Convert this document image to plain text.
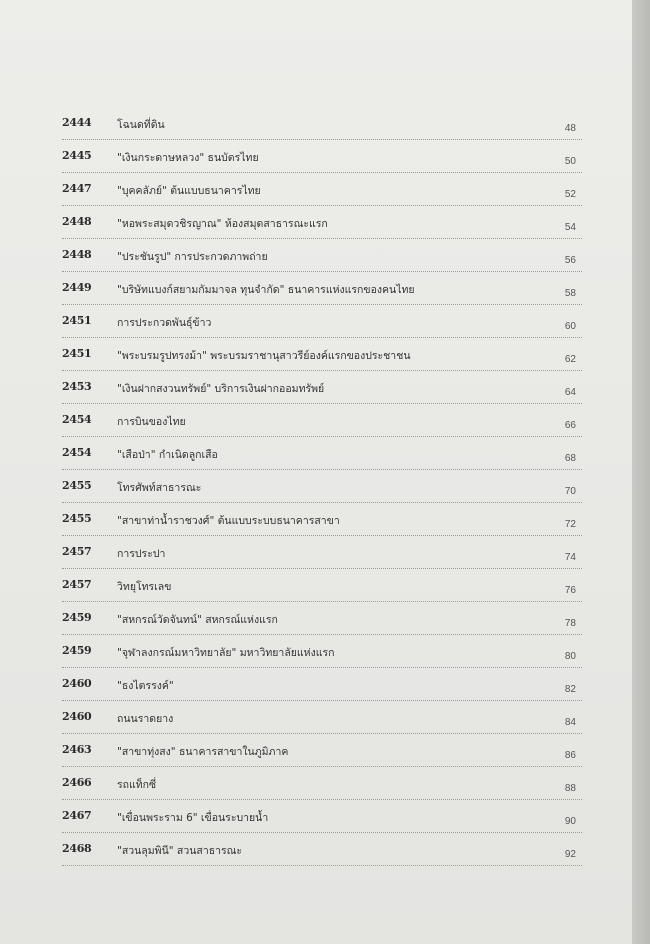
2444 โฉนดที่ดิน	48
2445 "เงินกระดาษหลวง" ธนบัตรไทย	50
2447 "บุคคลัภย์" ต้นแบบธนาคารไทย	52
2448 "หอพระสมุดวชิรญาณ" ห้องสมุดสาธารณะแรก	54
2448 "ประชันรูป" การประกวดภาพถ่าย	56
2449 "บริษัทแบงก์สยามกัมมาจล ทุนจำกัด" ธนาคารแห่งแรกของคนไทย	58
2451 การประกวดพันธุ์ข้าว	60
2451 "พระบรมรูปทรงม้า" พระบรมราชานุสาวรีย์องค์แรกของประชาชน	62
2453 "เงินฝากสงวนทรัพย์" บริการเงินฝากออมทรัพย์	64
2454 การบินของไทย	66
2454 "เสือป่า" กำเนิดลูกเสือ	68
2455 โทรศัพท์สาธารณะ	70
2455 "สาขาท่าน้ำราชวงศ์" ต้นแบบระบบธนาคารสาขา	72
2457 การประปา	74
2457 วิทยุโทรเลข	76
2459 "สหกรณ์วัดจันทน์" สหกรณ์แห่งแรก	78
2459 "จุฬาลงกรณ์มหาวิทยาลัย" มหาวิทยาลัยแห่งแรก	80
2460 "ธงไตรรงค์"	82
2460 ถนนราดยาง	84
2463 "สาขาทุ่งสง" ธนาคารสาขาในภูมิภาค	86
2466 รถแท็กซี่	88
2467 "เขื่อนพระราม 6" เขื่อนระบายน้ำ	90
2468 "สวนลุมพินี" สวนสาธารณะ	92
